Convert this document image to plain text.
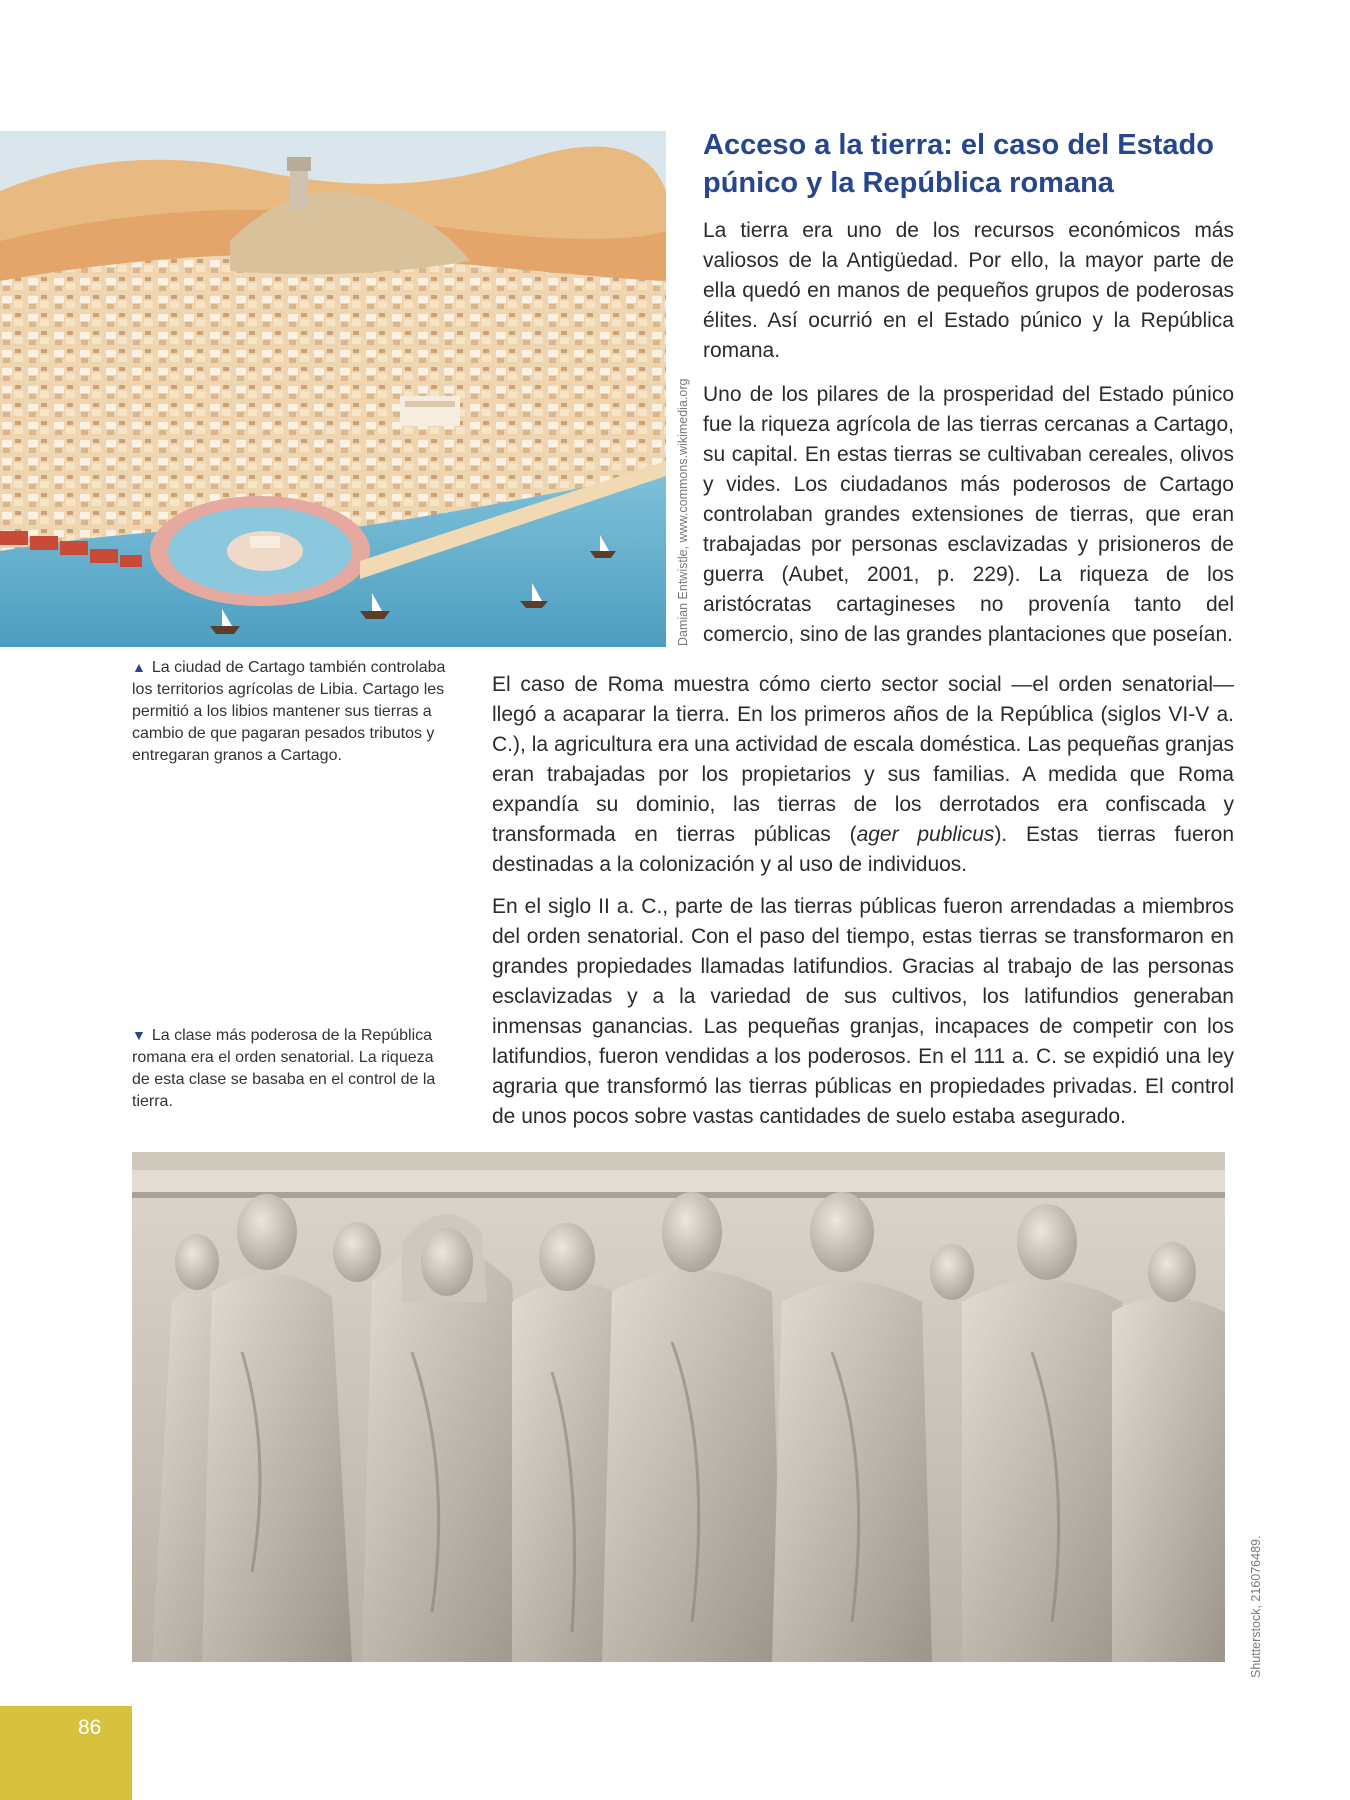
Damian Entwistle, www.commons.wikimedia.org
Acceso a la tierra: el caso del Estado púnico y la República romana

La tierra era uno de los recursos económicos más valiosos de la Antigüedad. Por ello, la mayor parte de ella quedó en manos de pequeños grupos de poderosas élites. Así ocurrió en el Estado púnico y la República romana.

Uno de los pilares de la prosperidad del Estado púnico fue la riqueza agrícola de las tierras cercanas a Cartago, su capital. En estas tierras se cultivaban cereales, olivos y vides. Los ciudadanos más poderosos de Cartago controlaban grandes extensiones de tierras, que eran trabajadas por personas esclavizadas y prisioneros de guerra (Aubet, 2001, p. 229). La riqueza de los aristócratas cartagineses no provenía tanto del comercio, sino de las grandes plantaciones que poseían.

El caso de Roma muestra cómo cierto sector social —el orden senatorial— llegó a acaparar la tierra. En los primeros años de la República (siglos VI-V a. C.), la agricultura era una actividad de escala doméstica. Las pequeñas granjas eran trabajadas por los propietarios y sus familias. A medida que Roma expandía su dominio, las tierras de los derrotados era confiscada y transformada en tierras públicas (ager publicus). Estas tierras fueron destinadas a la colonización y al uso de individuos.

En el siglo II a. C., parte de las tierras públicas fueron arrendadas a miembros del orden senatorial. Con el paso del tiempo, estas tierras se transformaron en grandes propiedades llamadas latifundios. Gracias al trabajo de las personas esclavizadas y a la variedad de sus cultivos, los latifundios generaban inmensas ganancias. Las pequeñas granjas, incapaces de competir con los latifundios, fueron vendidas a los poderosos. En el 111 a. C. se expidió una ley agraria que transformó las tierras públicas en propiedades privadas. El control de unos pocos sobre vastas cantidades de suelo estaba asegurado.

▲ La ciudad de Cartago también controlaba los territorios agrícolas de Libia. Cartago les permitió a los libios mantener sus tierras a cambio de que pagaran pesados tributos y entregaran granos a Cartago.

▼ La clase más poderosa de la República romana era el orden senatorial. La riqueza de esta clase se basaba en el control de la tierra.

Shutterstock, 216076489.
86
